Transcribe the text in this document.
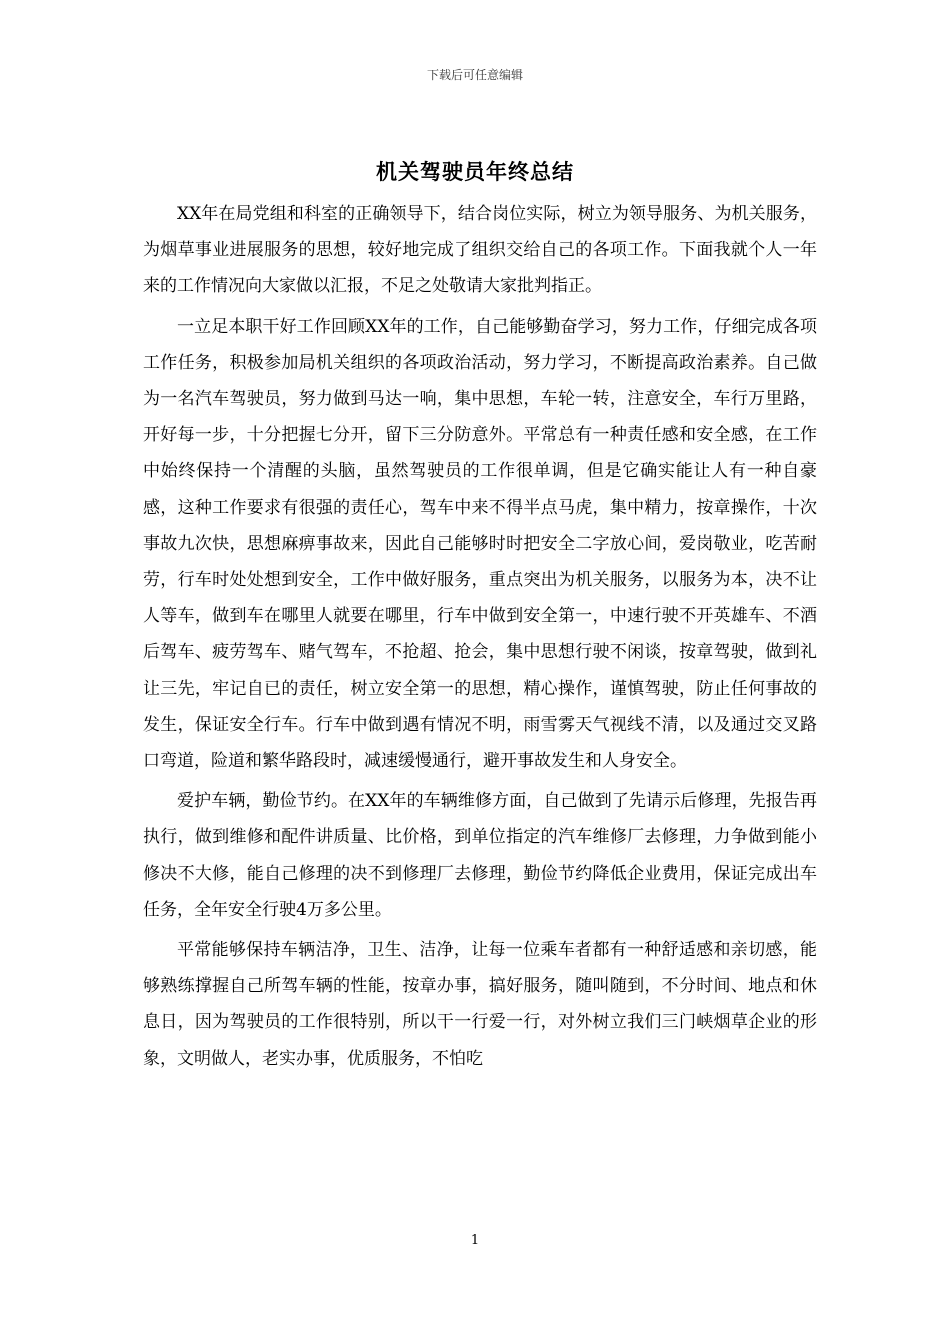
下载后可任意编辑
机关驾驶员年终总结

XX年在局党组和科室的正确领导下，结合岗位实际，树立为领导服务、为机关服务，为烟草事业进展服务的思想，较好地完成了组织交给自己的各项工作。下面我就个人一年来的工作情况向大家做以汇报，不足之处敬请大家批判指正。

一立足本职干好工作回顾XX年的工作，自己能够勤奋学习，努力工作，仔细完成各项工作任务，积极参加局机关组织的各项政治活动，努力学习，不断提高政治素养。自己做为一名汽车驾驶员，努力做到马达一响，集中思想，车轮一转，注意安全，车行万里路，开好每一步，十分把握七分开，留下三分防意外。平常总有一种责任感和安全感，在工作中始终保持一个清醒的头脑，虽然驾驶员的工作很单调，但是它确实能让人有一种自豪感，这种工作要求有很强的责任心，驾车中来不得半点马虎，集中精力，按章操作，十次事故九次快，思想麻痹事故来，因此自己能够时时把安全二字放心间，爱岗敬业，吃苦耐劳，行车时处处想到安全，工作中做好服务，重点突出为机关服务，以服务为本，决不让人等车，做到车在哪里人就要在哪里，行车中做到安全第一，中速行驶不开英雄车、不酒后驾车、疲劳驾车、赌气驾车，不抢超、抢会，集中思想行驶不闲谈，按章驾驶，做到礼让三先，牢记自已的责任，树立安全第一的思想，精心操作，谨慎驾驶，防止任何事故的发生，保证安全行车。行车中做到遇有情况不明，雨雪雾天气视线不清，以及通过交叉路口弯道，险道和繁华路段时，减速缓慢通行，避开事故发生和人身安全。

爱护车辆，勤俭节约。在XX年的车辆维修方面，自己做到了先请示后修理，先报告再执行，做到维修和配件讲质量、比价格，到单位指定的汽车维修厂去修理，力争做到能小修决不大修，能自己修理的决不到修理厂去修理，勤俭节约降低企业费用，保证完成出车任务，全年安全行驶4万多公里。

平常能够保持车辆洁净，卫生、洁净，让每一位乘车者都有一种舒适感和亲切感，能够熟练撑握自己所驾车辆的性能，按章办事，搞好服务，随叫随到，不分时间、地点和休息日，因为驾驶员的工作很特别，所以干一行爱一行，对外树立我们三门峡烟草企业的形象，文明做人，老实办事，优质服务，不怕吃

1
